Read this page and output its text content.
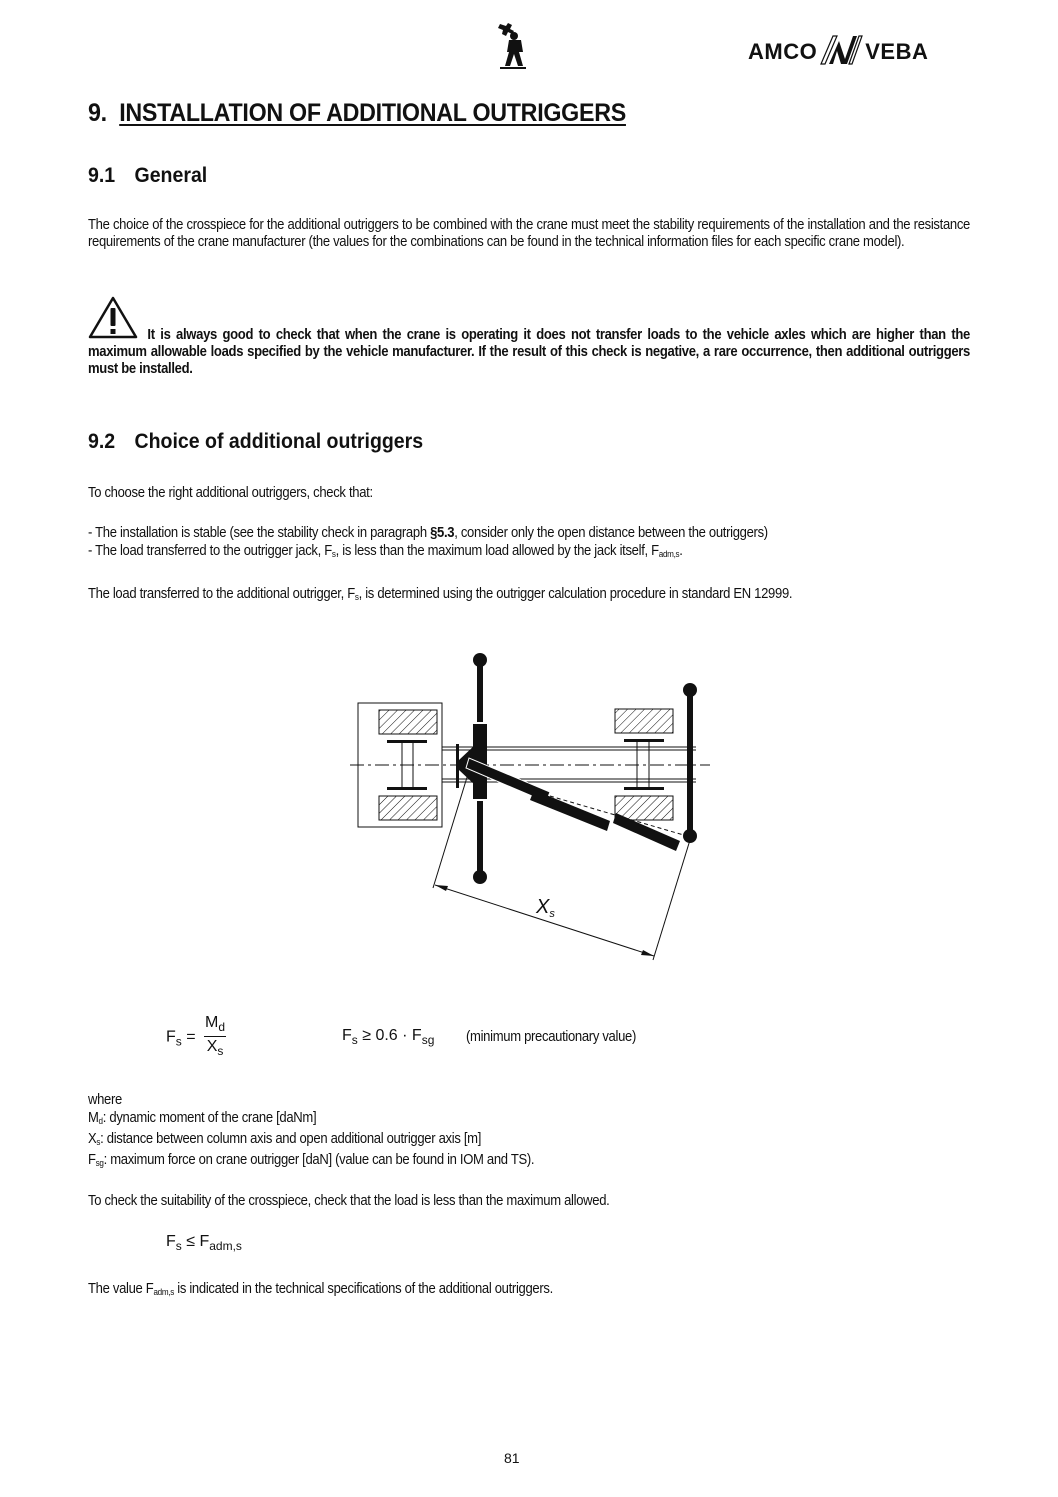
AMCO VEBA
9. INSTALLATION OF ADDITIONAL OUTRIGGERS
9.1 General
The choice of the crosspiece for the additional outriggers to be combined with the crane must meet the stability requirements of the installation and the resistance requirements of the crane manufacturer (the values for the combinations can be found in the technical information files for each specific crane model).
It is always good to check that when the crane is operating it does not transfer loads to the vehicle axles which are higher than the maximum allowable loads specified by the vehicle manufacturer. If the result of this check is negative, a rare occurrence, then additional outriggers must be installed.
9.2 Choice of additional outriggers
To choose the right additional outriggers, check that:
- The installation is stable (see the stability check in paragraph §5.3, consider only the open distance between the outriggers)
- The load transferred to the outrigger jack, $F_s$, is less than the maximum load allowed by the jack itself, $F_{adm,s}$.
The load transferred to the additional outrigger, $F_s$, is determined using the outrigger calculation procedure in standard EN 12999.
$X_s$
$F_s = \frac{M_d}{X_s}$	$F_s \ge 0.6 \cdot F_{sg}$ (minimum precautionary value)
where
$M_d$: dynamic moment of the crane [daNm]
$X_s$: distance between column axis and open additional outrigger axis [m]
$F_{sg}$: maximum force on crane outrigger [daN] (value can be found in IOM and TS).
To check the suitability of the crosspiece, check that the load is less than the maximum allowed.
$F_s \le F_{adm,s}$
The value $F_{adm,s}$ is indicated in the technical specifications of the additional outriggers.
81
